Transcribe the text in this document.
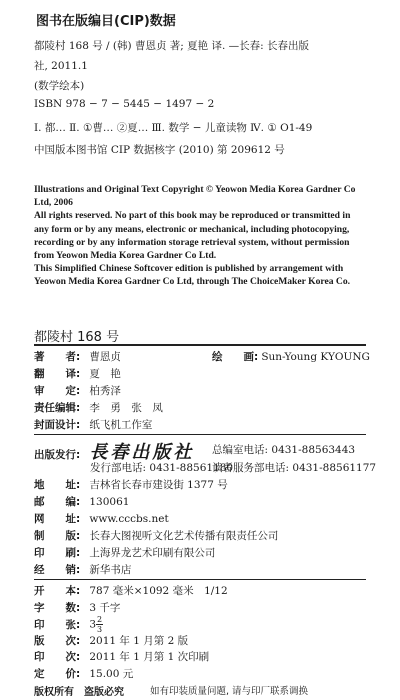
图书在版编目(CIP)数据
都陵村 168 号 / (韩) 曹恩贞 著; 夏艳 译. —长春: 长春出版
社, 2011.1
(数学绘本)
ISBN 978 − 7 − 5445 − 1497 − 2
Ⅰ. 都… Ⅱ. ①曹… ②夏… Ⅲ. 数学 − 儿童读物 Ⅳ. ① O1-49
中国版本图书馆 CIP 数据核字 (2010) 第 209612 号

Illustrations and Original Text Copyright © Yeowon Media Korea Gardner Co Ltd, 2006

All rights reserved. No part of this book may be reproduced or transmitted in any form or by any means, electronic or mechanical, including photocopying, recording or by any information storage retrieval system, without permission from Yeowon Media Korea Gardner Co Ltd.

This Simplified Chinese Softcover edition is published by arrangement with Yeowon Media Korea Gardner Co Ltd, through The ChoiceMaker Korea Co.

都陵村 168 号
著　　者: 曹恩贞	绘　　画: Sun-Young KYOUNG
翻　　译: 夏　艳
审　　定: 柏秀泽
责任编辑: 李　勇　张　凤
封面设计: 纸飞机工作室
出版发行: 長春出版社 总编室电话: 0431-88563443
发行部电话: 0431-88561180
读者服务部电话: 0431-88561177
地　　址: 吉林省长春市建设街 1377 号
邮　　编: 130061
网　　址: www.cccbs.net
制　　版: 长春大图视听文化艺术传播有限责任公司
印　　刷: 上海界龙艺术印刷有限公司
经　　销: 新华书店
开　　本: 787 毫米×1092 毫米　1/12
字　　数: 3 千字
印　　张: $3 \frac{2}{3}$
版　　次: 2011 年 1 月第 2 版
印　　次: 2011 年 1 月第 1 次印刷
定　　价: 15.00 元
版权所有　盗版必究	如有印装质量问题, 请与印厂联系调换
